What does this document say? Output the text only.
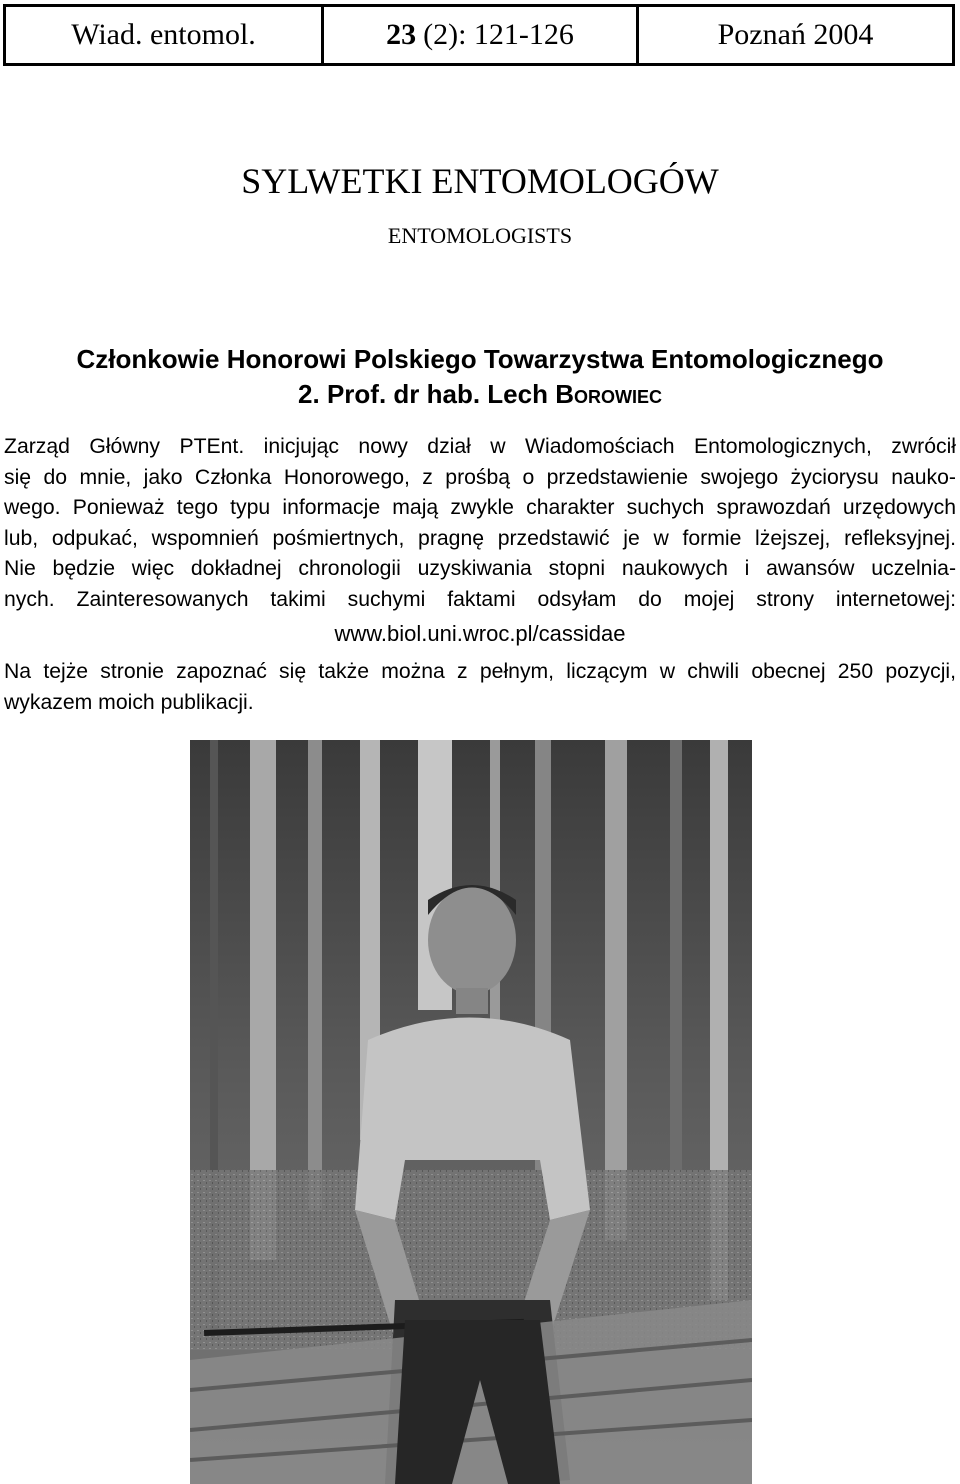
Wiad. entomol.	23 (2): 121-126	Poznań 2004
SYLWETKI ENTOMOLOGÓW
ENTOMOLOGISTS
Członkowie Honorowi Polskiego Towarzystwa Entomologicznego
2. Prof. dr hab. Lech Borowiec
Zarząd Główny PTEnt. inicjując nowy dział w Wiadomościach Entomologicznych, zwrócił
się do mnie, jako Członka Honorowego, z prośbą o przedstawienie swojego życiorysu nauko-
wego. Ponieważ tego typu informacje mają zwykle charakter suchych sprawozdań urzędowych
lub, odpukać, wspomnień pośmiertnych, pragnę przedstawić je w formie lżejszej, refleksyjnej.
Nie będzie więc dokładnej chronologii uzyskiwania stopni naukowych i awansów uczelnia-
nych. Zainteresowanych takimi suchymi faktami odsyłam do mojej strony internetowej:
www.biol.uni.wroc.pl/cassidae
Na tejże stronie zapoznać się także można z pełnym, liczącym w chwili obecnej 250 pozycji,
wykazem moich publikacji.
